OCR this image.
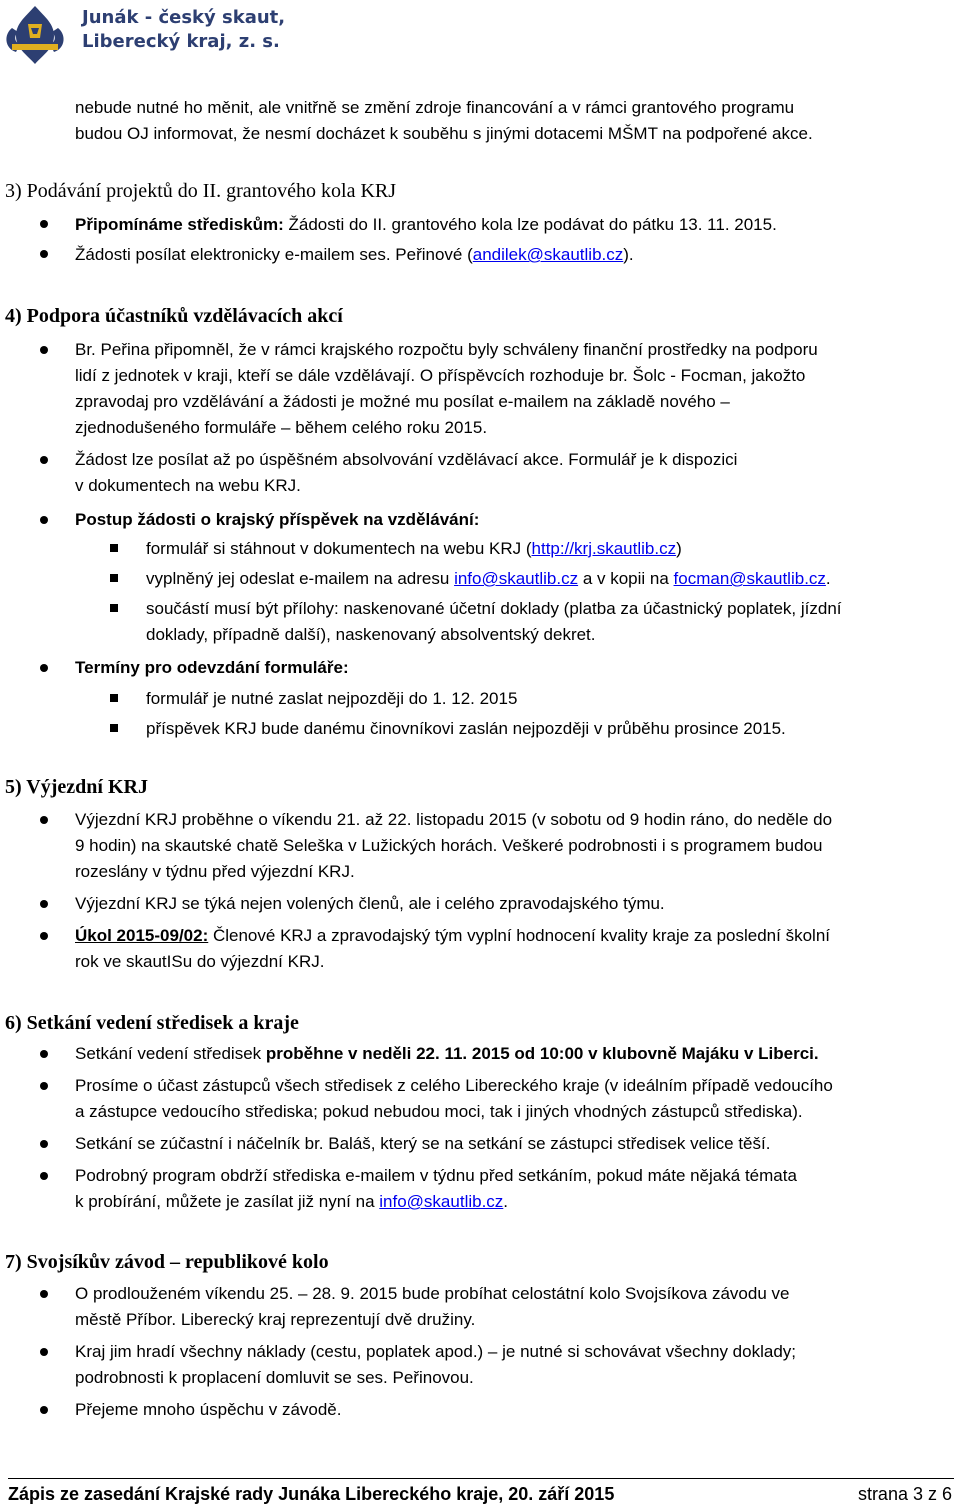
Junák - český skaut,
Liberecký kraj, z. s.
nebude nutné ho měnit, ale vnitřně se změní zdroje financování a v rámci grantového programu
budou OJ informovat, že nesmí docházet k souběhu s jinými dotacemi MŠMT na podpořené akce.
3) Podávání projektů do II. grantového kola KRJ
Připomínáme střediskům: Žádosti do II. grantového kola lze podávat do pátku 13. 11. 2015.
Žádosti posílat elektronicky e-mailem ses. Peřinové (andilek@skautlib.cz).
4) Podpora účastníků vzdělávacích akcí
Br. Peřina připomněl, že v rámci krajského rozpočtu byly schváleny finanční prostředky na podporu
lidí z jednotek v kraji, kteří se dále vzdělávají. O příspěvcích rozhoduje br. Šolc - Focman, jakožto
zpravodaj pro vzdělávání a žádosti je možné mu posílat e-mailem na základě nového –
zjednodušeného formuláře – během celého roku 2015.
Žádost lze posílat až po úspěšném absolvování vzdělávací akce. Formulář je k dispozici
v dokumentech na webu KRJ.
Postup žádosti o krajský příspěvek na vzdělávání:
formulář si stáhnout v dokumentech na webu KRJ (http://krj.skautlib.cz)
vyplněný jej odeslat e-mailem na adresu info@skautlib.cz a v kopii na focman@skautlib.cz.
součástí musí být přílohy: naskenované účetní doklady (platba za účastnický poplatek, jízdní
doklady, případně další), naskenovaný absolventský dekret.
Termíny pro odevzdání formuláře:
formulář je nutné zaslat nejpozději do 1. 12. 2015
příspěvek KRJ bude danému činovníkovi zaslán nejpozději v průběhu prosince 2015.
5) Výjezdní KRJ
Výjezdní KRJ proběhne o víkendu 21. až 22. listopadu 2015 (v sobotu od 9 hodin ráno, do neděle do
9 hodin) na skautské chatě Seleška v Lužických horách. Veškeré podrobnosti i s programem budou
rozeslány v týdnu před výjezdní KRJ.
Výjezdní KRJ se týká nejen volených členů, ale i celého zpravodajského týmu.
Úkol 2015-09/02: Členové KRJ a zpravodajský tým vyplní hodnocení kvality kraje za poslední školní
rok ve skautISu do výjezdní KRJ.
6) Setkání vedení středisek a kraje
Setkání vedení středisek proběhne v neděli 22. 11. 2015 od 10:00 v klubovně Majáku v Liberci.
Prosíme o účast zástupců všech středisek z celého Libereckého kraje (v ideálním případě vedoucího
a zástupce vedoucího střediska; pokud nebudou moci, tak i jiných vhodných zástupců střediska).
Setkání se zúčastní i náčelník br. Baláš, který se na setkání se zástupci středisek velice těší.
Podrobný program obdrží střediska e-mailem v týdnu před setkáním, pokud máte nějaká témata
k probírání, můžete je zasílat již nyní na info@skautlib.cz.
7) Svojsíkův závod – republikové kolo
O prodlouženém víkendu 25. – 28. 9. 2015 bude probíhat celostátní kolo Svojsíkova závodu ve
městě Příbor. Liberecký kraj reprezentují dvě družiny.
Kraj jim hradí všechny náklady (cestu, poplatek apod.) – je nutné si schovávat všechny doklady;
podrobnosti k proplacení domluvit se ses. Peřinovou.
Přejeme mnoho úspěchu v závodě.
Zápis ze zasedání Krajské rady Junáka Libereckého kraje, 20. září 2015	strana 3 z 6
